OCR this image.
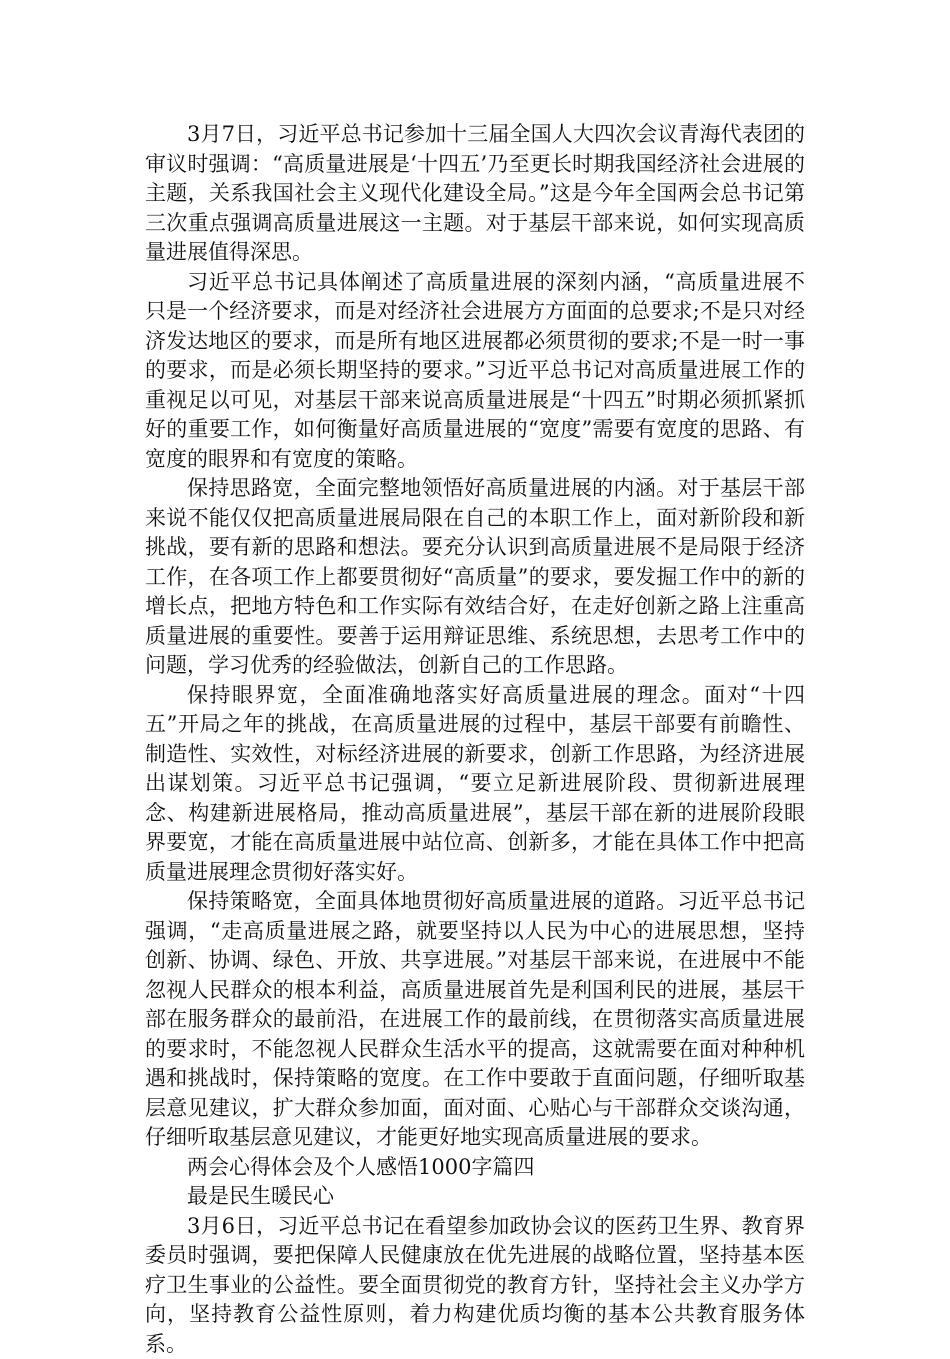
3月7日，习近平总书记参加十三届全国人大四次会议青海代表团的审议时强调：“高质量进展是‘十四五’乃至更长时期我国经济社会进展的主题，关系我国社会主义现代化建设全局。”这是今年全国两会总书记第三次重点强调高质量进展这一主题。对于基层干部来说，如何实现高质量进展值得深思。

习近平总书记具体阐述了高质量进展的深刻内涵，“高质量进展不只是一个经济要求，而是对经济社会进展方方面面的总要求;不是只对经济发达地区的要求，而是所有地区进展都必须贯彻的要求;不是一时一事的要求，而是必须长期坚持的要求。”习近平总书记对高质量进展工作的重视足以可见，对基层干部来说高质量进展是“十四五”时期必须抓紧抓好的重要工作，如何衡量好高质量进展的“宽度”需要有宽度的思路、有宽度的眼界和有宽度的策略。

保持思路宽，全面完整地领悟好高质量进展的内涵。对于基层干部来说不能仅仅把高质量进展局限在自己的本职工作上，面对新阶段和新挑战，要有新的思路和想法。要充分认识到高质量进展不是局限于经济工作，在各项工作上都要贯彻好“高质量”的要求，要发掘工作中的新的增长点，把地方特色和工作实际有效结合好，在走好创新之路上注重高质量进展的重要性。要善于运用辩证思维、系统思想，去思考工作中的问题，学习优秀的经验做法，创新自己的工作思路。

保持眼界宽，全面准确地落实好高质量进展的理念。面对“十四五”开局之年的挑战，在高质量进展的过程中，基层干部要有前瞻性、制造性、实效性，对标经济进展的新要求，创新工作思路，为经济进展出谋划策。习近平总书记强调，“要立足新进展阶段、贯彻新进展理念、构建新进展格局，推动高质量进展”，基层干部在新的进展阶段眼界要宽，才能在高质量进展中站位高、创新多，才能在具体工作中把高质量进展理念贯彻好落实好。

保持策略宽，全面具体地贯彻好高质量进展的道路。习近平总书记强调，“走高质量进展之路，就要坚持以人民为中心的进展思想，坚持创新、协调、绿色、开放、共享进展。”对基层干部来说，在进展中不能忽视人民群众的根本利益，高质量进展首先是利国利民的进展，基层干部在服务群众的最前沿，在进展工作的最前线，在贯彻落实高质量进展的要求时，不能忽视人民群众生活水平的提高，这就需要在面对种种机遇和挑战时，保持策略的宽度。在工作中要敢于直面问题，仔细听取基层意见建议，扩大群众参加面，面对面、心贴心与干部群众交谈沟通，仔细听取基层意见建议，才能更好地实现高质量进展的要求。

两会心得体会及个人感悟1000字篇四

最是民生暖民心

3月6日，习近平总书记在看望参加政协会议的医药卫生界、教育界委员时强调，要把保障人民健康放在优先进展的战略位置，坚持基本医疗卫生事业的公益性。要全面贯彻党的教育方针，坚持社会主义办学方向，坚持教育公益性原则，着力构建优质均衡的基本公共教育服务体系。
